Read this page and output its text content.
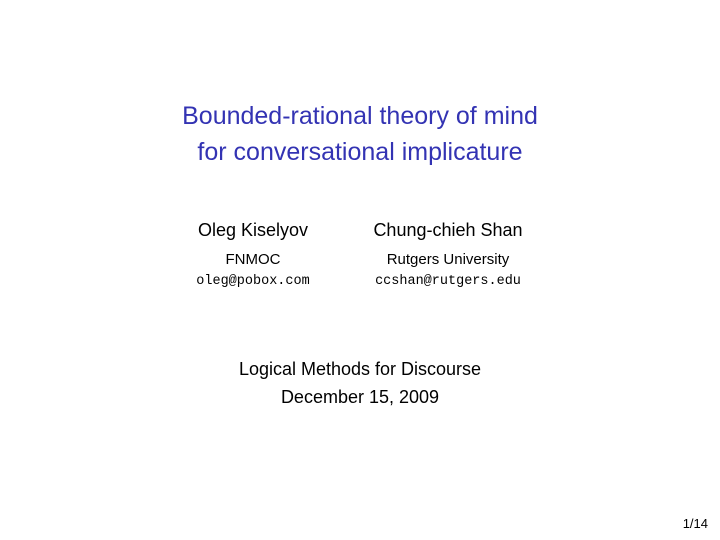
Bounded-rational theory of mind
for conversational implicature
Oleg Kiselyov
FNMOC
oleg@pobox.com
Chung-chieh Shan
Rutgers University
ccshan@rutgers.edu
Logical Methods for Discourse
December 15, 2009
1/14
